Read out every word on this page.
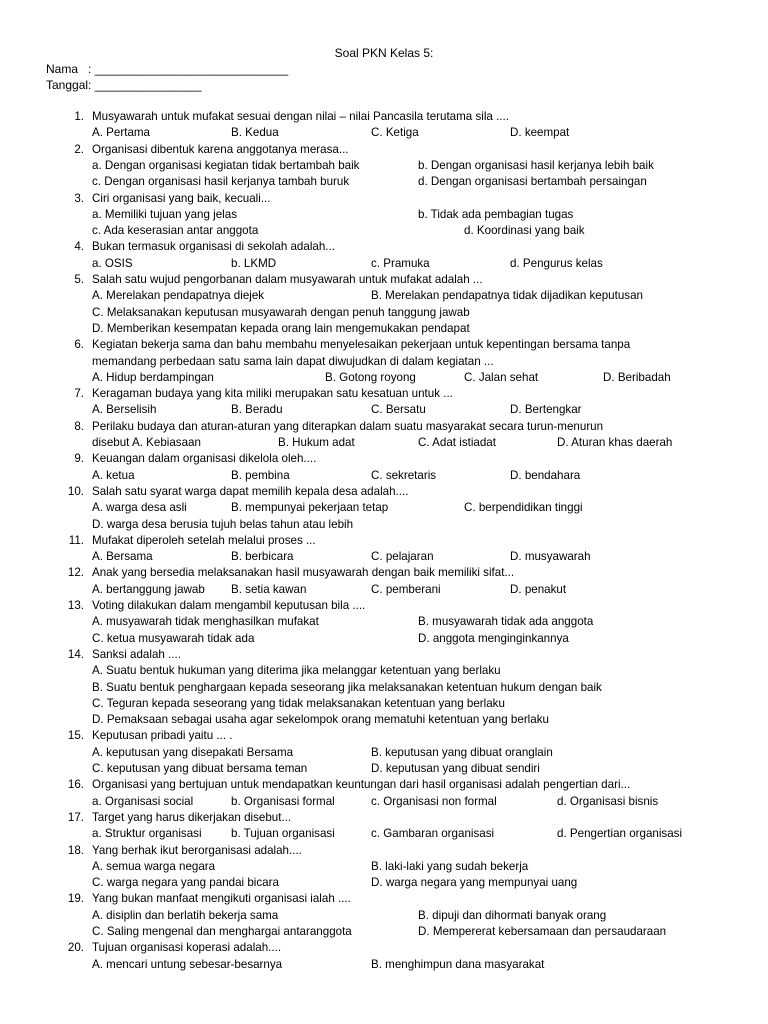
Soal PKN Kelas 5:
Nama   : _____________________________
Tanggal: ________________
1. Musyawarah untuk mufakat sesuai dengan nilai – nilai Pancasila terutama sila ....
A. Pertama	B. Kedua	C. Ketiga	D. keempat
2. Organisasi dibentuk karena anggotanya merasa...
a. Dengan organisasi kegiatan tidak bertambah baik	b. Dengan organisasi hasil kerjanya lebih baik
c. Dengan organisasi hasil kerjanya tambah buruk	d. Dengan organisasi bertambah persaingan
3. Ciri organisasi yang baik, kecuali...
a. Memiliki tujuan yang jelas	b. Tidak ada pembagian tugas
c. Ada keserasian antar anggota	d. Koordinasi yang baik
4. Bukan termasuk organisasi di sekolah adalah...
a. OSIS	b. LKMD	c. Pramuka	d. Pengurus kelas
5. Salah satu wujud pengorbanan dalam musyawarah untuk mufakat adalah ...
A. Merelakan pendapatnya diejek	B. Merelakan pendapatnya tidak dijadikan keputusan
C. Melaksanakan keputusan musyawarah dengan penuh tanggung jawab
D. Memberikan kesempatan kepada orang lain mengemukakan pendapat
6. Kegiatan bekerja sama dan bahu membahu menyelesaikan pekerjaan untuk kepentingan bersama tanpa
memandang perbedaan satu sama lain dapat diwujudkan di dalam kegiatan ...
A. Hidup berdampingan	B. Gotong royong	C. Jalan sehat	D. Beribadah
7. Keragaman budaya yang kita miliki merupakan satu kesatuan untuk ...
A. Berselisih	B. Beradu	C. Bersatu	D. Bertengkar
8. Perilaku budaya dan aturan-aturan yang diterapkan dalam suatu masyarakat secara turun-menurun
disebut A. Kebiasaan	B. Hukum adat	C. Adat istiadat	D. Aturan khas daerah
9. Keuangan dalam organisasi dikelola oleh....
A. ketua	B. pembina	C. sekretaris	D. bendahara
10. Salah satu syarat warga dapat memilih kepala desa adalah....
A. warga desa asli	B. mempunyai pekerjaan tetap	C. berpendidikan tinggi
D. warga desa berusia tujuh belas tahun atau lebih
11. Mufakat diperoleh setelah melalui proses ...
A. Bersama	B. berbicara	C. pelajaran	D. musyawarah
12. Anak yang bersedia melaksanakan hasil musyawarah dengan baik memiliki sifat...
A. bertanggung jawab B. setia kawan	C. pemberani	D. penakut
13. Voting dilakukan dalam mengambil keputusan bila ....
A. musyawarah tidak menghasilkan mufakat	B. musyawarah tidak ada anggota
C. ketua musyawarah tidak ada	D. anggota menginginkannya
14. Sanksi adalah ....
A. Suatu bentuk hukuman yang diterima jika melanggar ketentuan yang berlaku
B. Suatu bentuk penghargaan kepada seseorang jika melaksanakan ketentuan hukum dengan baik
C. Teguran kepada seseorang yang tidak melaksanakan ketentuan yang berlaku
D. Pemaksaan sebagai usaha agar sekelompok orang mematuhi ketentuan yang berlaku
15. Keputusan pribadi yaitu ... .
A. keputusan yang disepakati Bersama	B. keputusan yang dibuat oranglain
C. keputusan yang dibuat bersama teman	D. keputusan yang dibuat sendiri
16. Organisasi yang bertujuan untuk mendapatkan keuntungan dari hasil organisasi adalah pengertian dari...
a. Organisasi social	b. Organisasi formal	c. Organisasi non formal	d. Organisasi bisnis
17. Target yang harus dikerjakan disebut...
a. Struktur organisasi	b. Tujuan organisasi	c. Gambaran organisasi	d. Pengertian organisasi
18. Yang berhak ikut berorganisasi adalah....
A. semua warga negara	B. laki-laki yang sudah bekerja
C. warga negara yang pandai bicara	D. warga negara yang mempunyai uang
19. Yang bukan manfaat mengikuti organisasi ialah ....
A. disiplin dan berlatih bekerja sama	B. dipuji dan dihormati banyak orang
C. Saling mengenal dan menghargai antaranggota	D. Mempererat kebersamaan dan persaudaraan
20. Tujuan organisasi koperasi adalah....
A. mencari untung sebesar-besarnya	B. menghimpun dana masyarakat
